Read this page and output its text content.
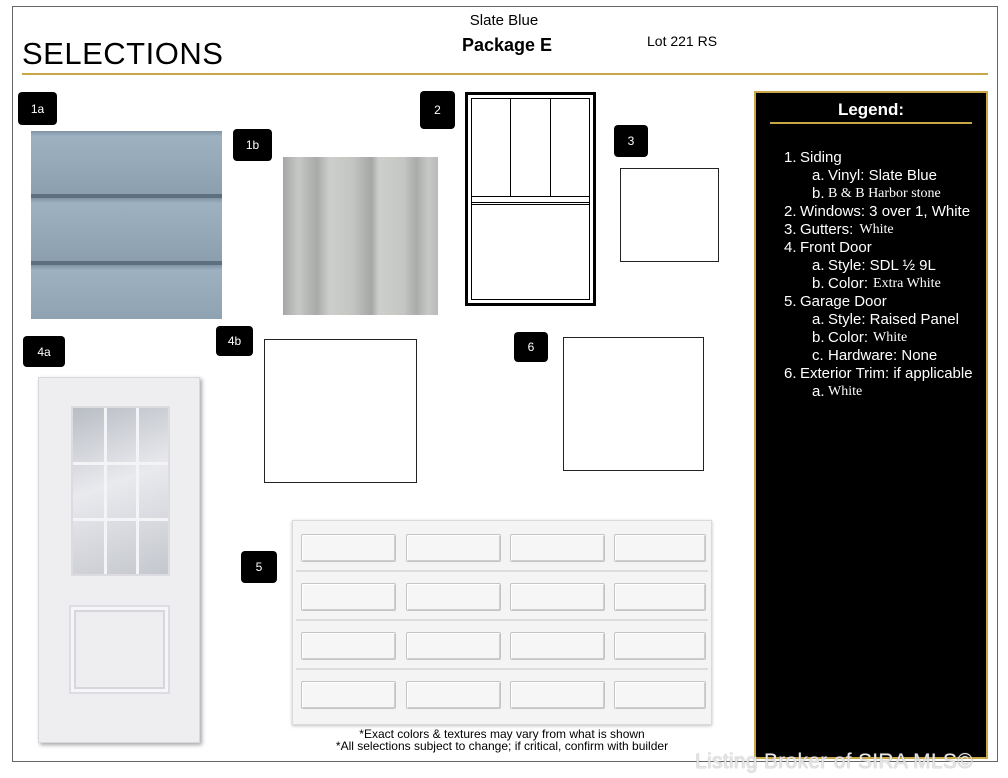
Slate Blue
Package E	Lot 221 RS
SELECTIONS
1a
1b
2
3
4a
4b	6
5
*Exact colors & textures may vary from what is shown
*All selections subject to change; if critical, confirm with builder
Legend:
1. Siding
a. Vinyl: Slate Blue
b. B & B Harbor stone
2. Windows: 3 over 1, White
3. Gutters: White
4. Front Door
a. Style: SDL ½ 9L
b. Color: Extra White
5. Garage Door
a. Style: Raised Panel
b. Color: White
c. Hardware: None
6. Exterior Trim: if applicable
a. White
Listing Broker of SIRA MLS©
